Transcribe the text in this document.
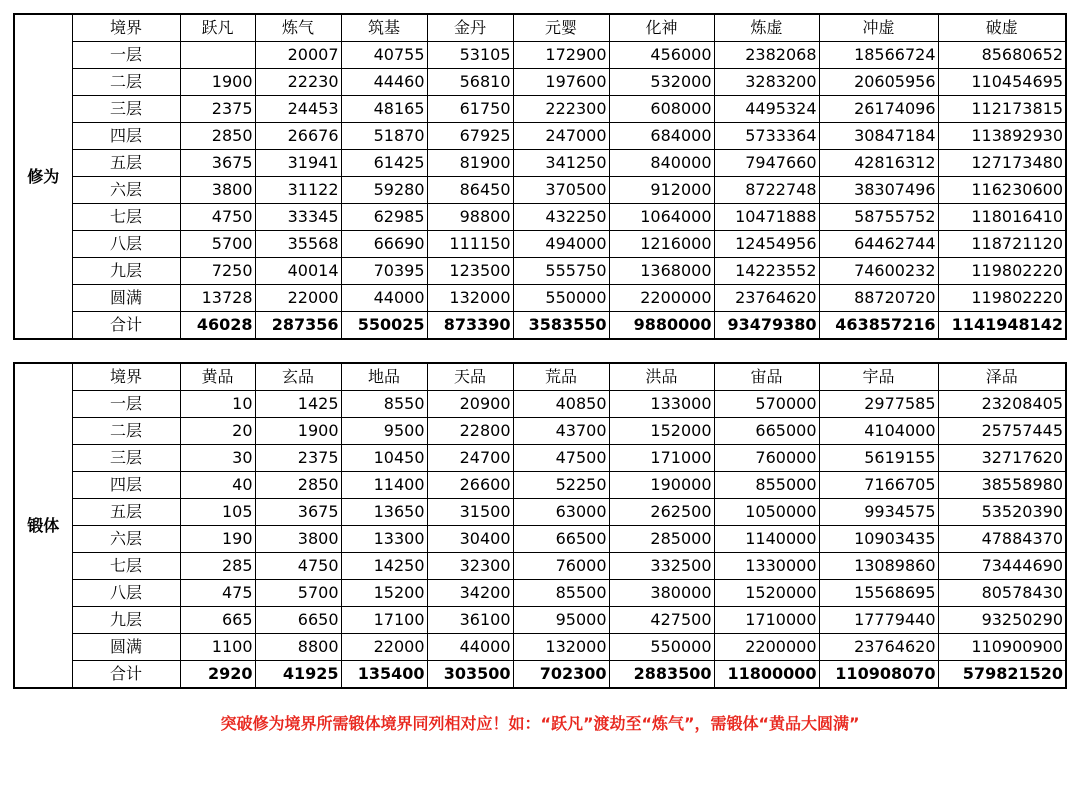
修为	境界	跃凡	炼气	筑基	金丹	元婴	化神	炼虚	冲虚	破虚
	一层		20007	40755	53105	172900	456000	2382068	18566724	85680652
	二层	1900	22230	44460	56810	197600	532000	3283200	20605956	110454695
	三层	2375	24453	48165	61750	222300	608000	4495324	26174096	112173815
	四层	2850	26676	51870	67925	247000	684000	5733364	30847184	113892930
	五层	3675	31941	61425	81900	341250	840000	7947660	42816312	127173480
	六层	3800	31122	59280	86450	370500	912000	8722748	38307496	116230600
	七层	4750	33345	62985	98800	432250	1064000	10471888	58755752	118016410
	八层	5700	35568	66690	111150	494000	1216000	12454956	64462744	118721120
	九层	7250	40014	70395	123500	555750	1368000	14223552	74600232	119802220
	圆满	13728	22000	44000	132000	550000	2200000	23764620	88720720	119802220
	合计	46028	287356	550025	873390	3583550	9880000	93479380	463857216	1141948142
锻体	境界	黄品	玄品	地品	天品	荒品	洪品	宙品	宇品	泽品
	一层	10	1425	8550	20900	40850	133000	570000	2977585	23208405
	二层	20	1900	9500	22800	43700	152000	665000	4104000	25757445
	三层	30	2375	10450	24700	47500	171000	760000	5619155	32717620
	四层	40	2850	11400	26600	52250	190000	855000	7166705	38558980
	五层	105	3675	13650	31500	63000	262500	1050000	9934575	53520390
	六层	190	3800	13300	30400	66500	285000	1140000	10903435	47884370
	七层	285	4750	14250	32300	76000	332500	1330000	13089860	73444690
	八层	475	5700	15200	34200	85500	380000	1520000	15568695	80578430
	九层	665	6650	17100	36100	95000	427500	1710000	17779440	93250290
	圆满	1100	8800	22000	44000	132000	550000	2200000	23764620	110900900
	合计	2920	41925	135400	303500	702300	2883500	11800000	110908070	579821520
突破修为境界所需锻体境界同列相对应！如：“跃凡”渡劫至“炼气”，需锻体“黄品大圆满”
